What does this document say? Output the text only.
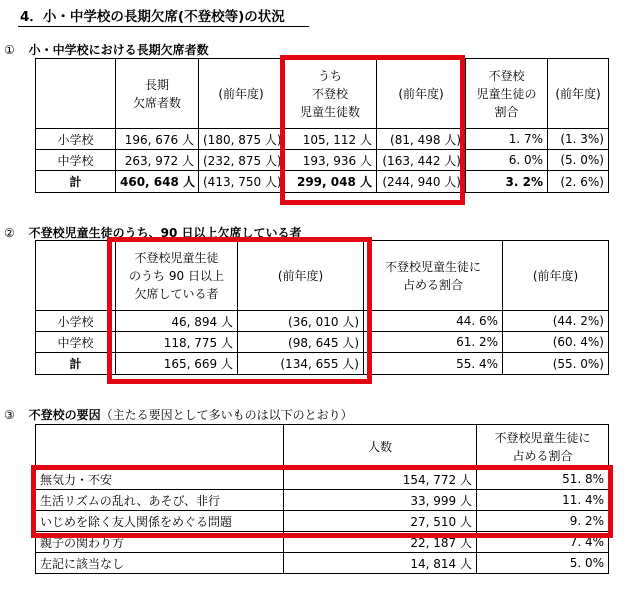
4．小・中学校の長期欠席(不登校等)の状況
① 小・中学校における長期欠席者数

	長期
欠席者数	(前年度)	うち
不登校
児童生徒数	(前年度)	不登校
児童生徒の
割合	(前年度)
小学校	196, 676 人	(180, 875 人)	105, 112 人	(81, 498 人)	1. 7%	(1. 3%)
中学校	263, 972 人	(232, 875 人)	193, 936 人	(163, 442 人)	6. 0%	(5. 0%)
計	460, 648 人	(413, 750 人)	299, 048 人	(244, 940 人)	3. 2%	(2. 6%)
② 不登校児童生徒のうち、90 日以上欠席している者

	不登校児童生徒
のうち 90 日以上
欠席している者	(前年度)	不登校児童生徒に
占める割合	(前年度)
小学校	46, 894 人	(36, 010 人)	44. 6%	(44. 2%)
中学校	118, 775 人	(98, 645 人)	61. 2%	(60. 4%)
計	165, 669 人	(134, 655 人)	55. 4%	(55. 0%)
③ 不登校の要因（主たる要因として多いものは以下のとおり）
	人数	不登校児童生徒に
占める割合

無気力・不安	154, 772 人	51. 8%
生活リズムの乱れ、あそび、非行	33, 999 人	11. 4%
いじめを除く友人関係をめぐる問題	27, 510 人	9. 2%
親子の関わり方	22, 187 人	7. 4%
左記に該当なし	14, 814 人	5. 0%
